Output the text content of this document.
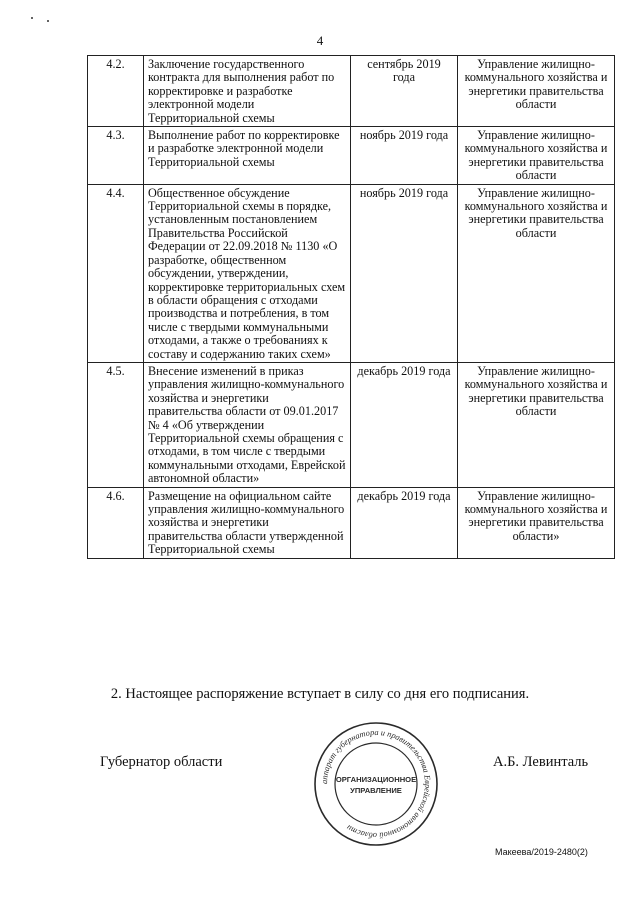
4
4.2.	Заключение государственного контракта для выполнения работ по корректировке и разработке электронной модели Территориальной схемы	сентябрь 2019 года	Управление жилищно-коммунального хозяйства и энергетики правительства области
4.3.	Выполнение работ по корректировке и разработке электронной модели Территориальной схемы	ноябрь 2019 года	Управление жилищно-коммунального хозяйства и энергетики правительства области
4.4.	Общественное обсуждение Территориальной схемы в порядке, установленным постановлением Правительства Российской Федерации от 22.09.2018 № 1130 «О разработке, общественном обсуждении, утверждении, корректировке территориальных схем в области обращения с отходами производства и потребления, в том числе с твердыми коммунальными отходами, а также о требованиях к составу и содержанию таких схем»	ноябрь 2019 года	Управление жилищно-коммунального хозяйства и энергетики правительства области
4.5.	Внесение изменений в приказ управления жилищно-коммунального хозяйства и энергетики правительства области от 09.01.2017 № 4 «Об утверждении Территориальной схемы обращения с отходами, в том числе с твердыми коммунальными отходами, Еврейской автономной области»	декабрь 2019 года	Управление жилищно-коммунального хозяйства и энергетики правительства области
4.6.	Размещение на официальном сайте управления жилищно-коммунального хозяйства и энергетики правительства области утвержденной Территориальной схемы	декабрь 2019 года	Управление жилищно-коммунального хозяйства и энергетики правительства области»
2. Настоящее распоряжение вступает в силу со дня его подписания.
Губернатор области
аппарат губернатора и правительства Еврейской автономной области
ОРГАНИЗАЦИОННОЕ
УПРАВЛЕНИЕ
А.Б. Левинталь
Макеева/2019-2480(2)
